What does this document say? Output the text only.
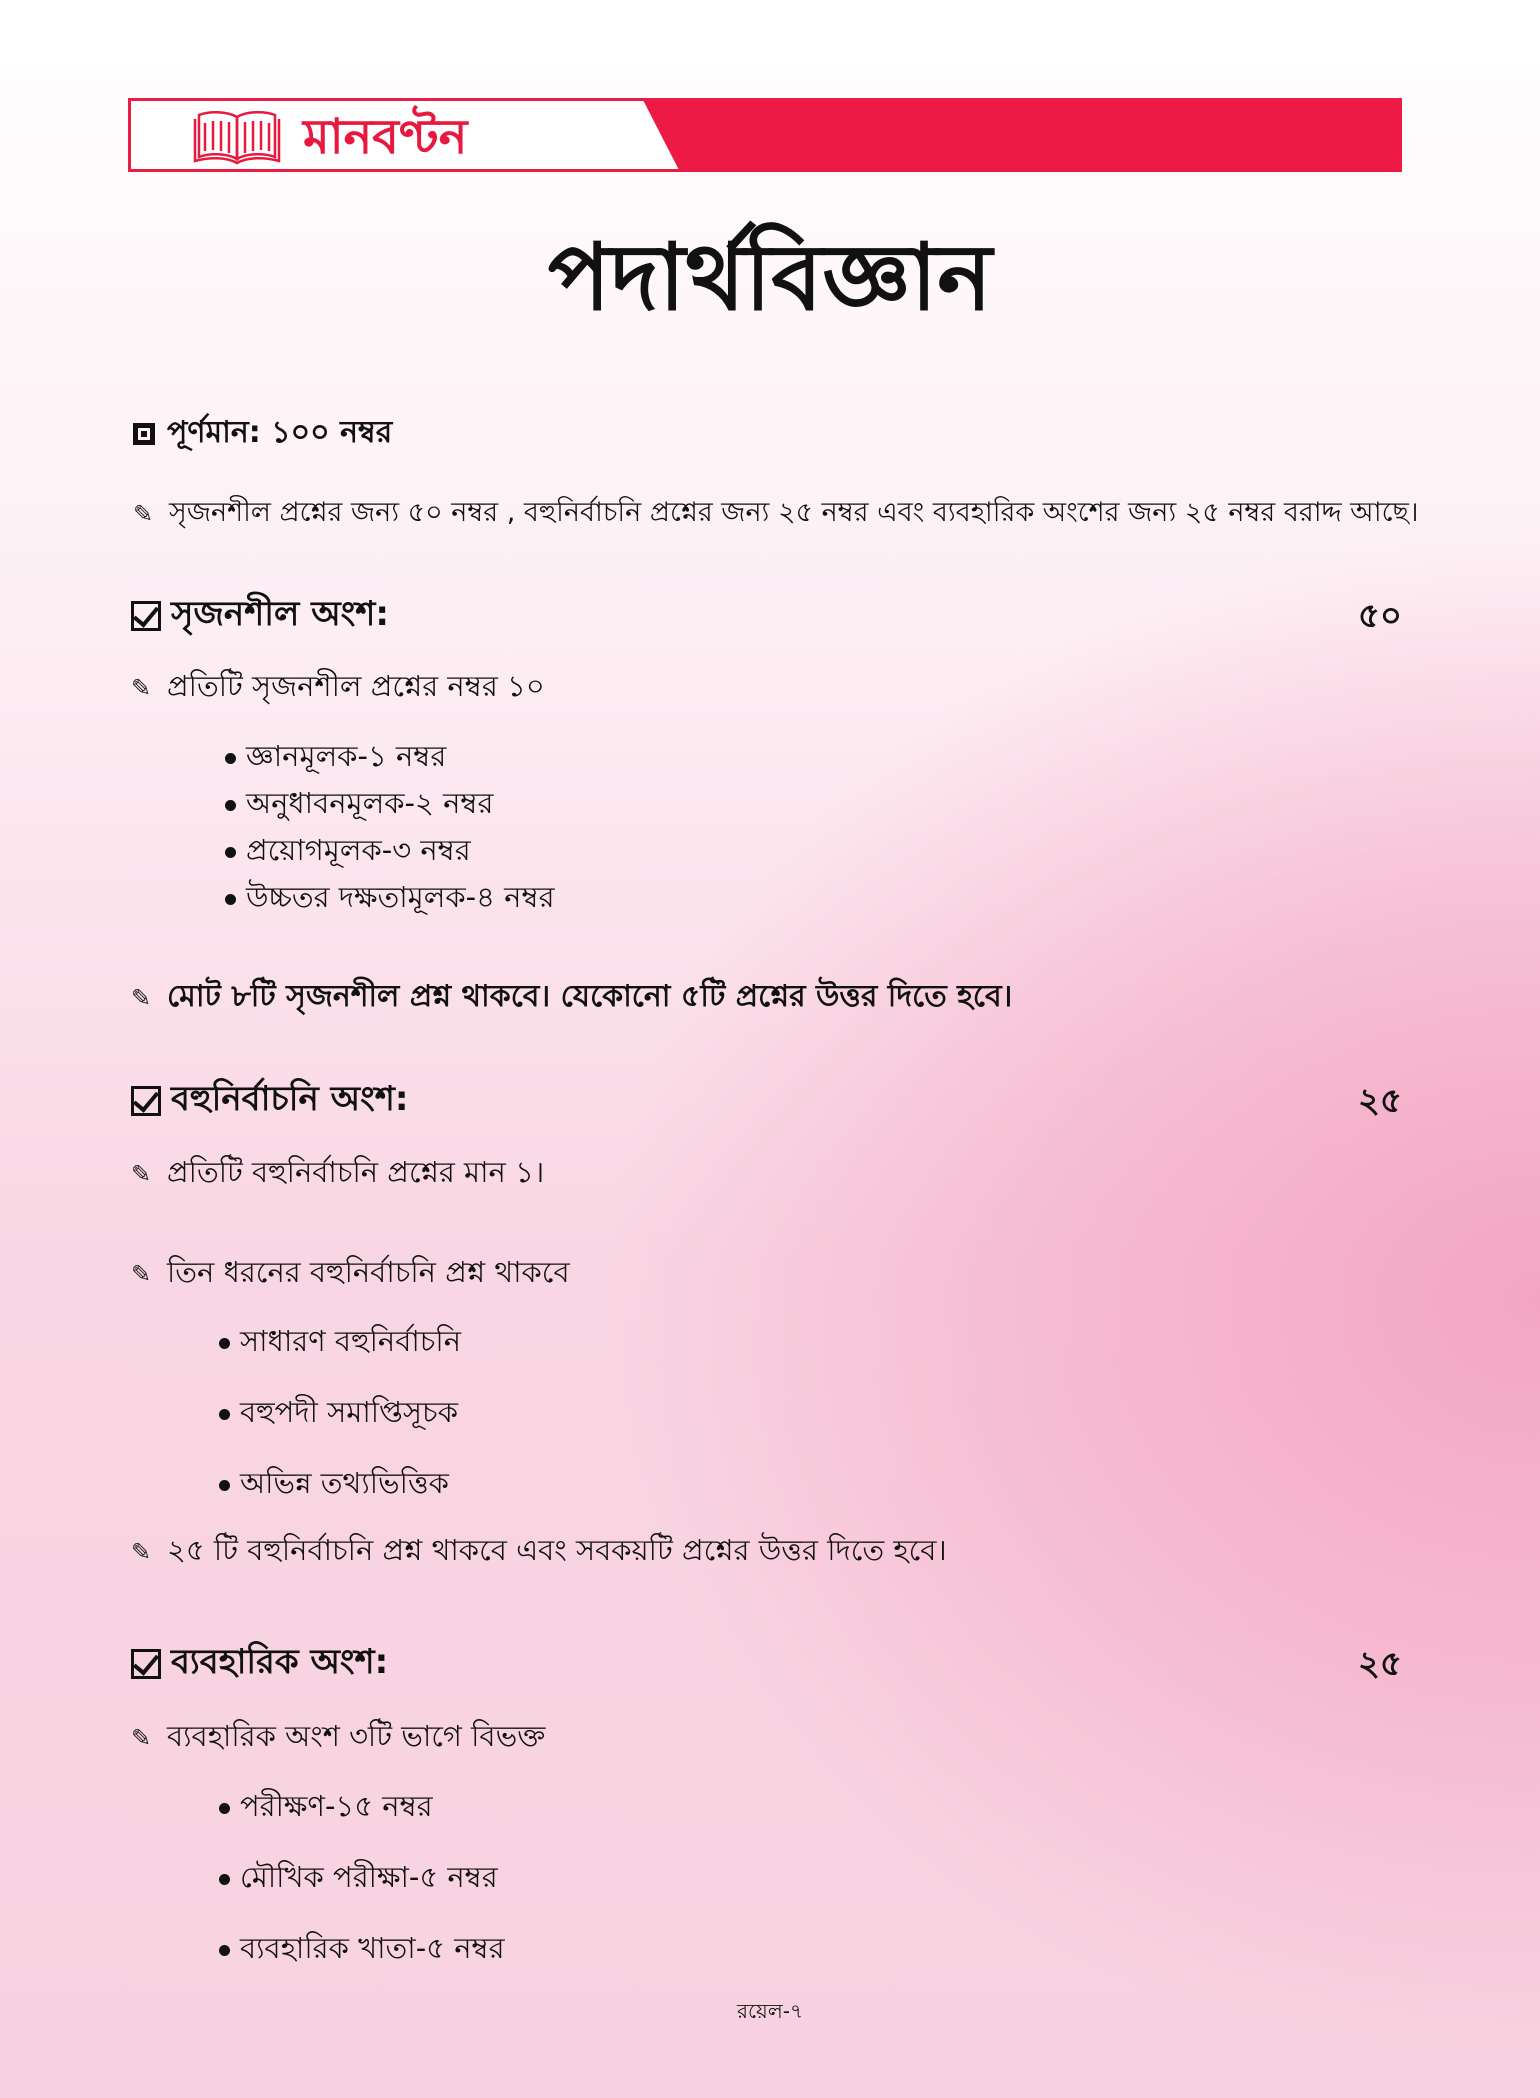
মানবণ্টন
পদার্থবিজ্ঞান
পূর্ণমান: ১০০ নম্বর
✎ সৃজনশীল প্রশ্নের জন্য ৫০ নম্বর , বহুনির্বাচনি প্রশ্নের জন্য ২৫ নম্বর এবং ব্যবহারিক অংশের জন্য ২৫ নম্বর বরাদ্দ আছে।
সৃজনশীল অংশ:	৫০
✎ প্রতিটি সৃজনশীল প্রশ্নের নম্বর ১০
জ্ঞানমূলক-১ নম্বর
অনুধাবনমূলক-২ নম্বর
প্রয়োগমূলক-৩ নম্বর
উচ্চতর দক্ষতামূলক-৪ নম্বর
✎ মোট ৮টি সৃজনশীল প্রশ্ন থাকবে। যেকোনো ৫টি প্রশ্নের উত্তর দিতে হবে।
বহুনির্বাচনি অংশ:	২৫
✎ প্রতিটি বহুনির্বাচনি প্রশ্নের মান ১।
✎ তিন ধরনের বহুনির্বাচনি প্রশ্ন থাকবে
সাধারণ বহুনির্বাচনি
বহুপদী সমাপ্তিসূচক
অভিন্ন তথ্যভিত্তিক
✎ ২৫ টি বহুনির্বাচনি প্রশ্ন থাকবে এবং সবকয়টি প্রশ্নের উত্তর দিতে হবে।
ব্যবহারিক অংশ:	২৫
✎ ব্যবহারিক অংশ ৩টি ভাগে বিভক্ত
পরীক্ষণ-১৫ নম্বর
মৌখিক পরীক্ষা-৫ নম্বর
ব্যবহারিক খাতা-৫ নম্বর
রয়েল-৭
